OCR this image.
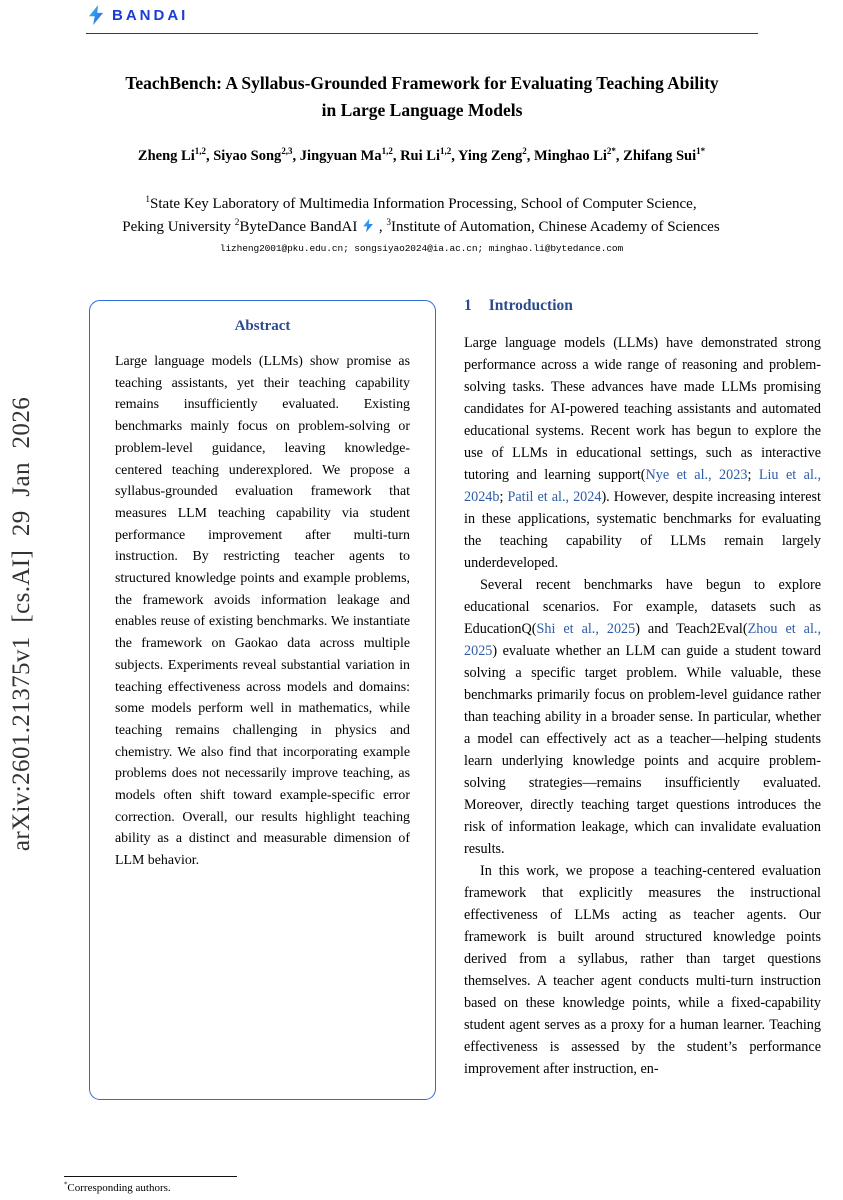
arXiv:2601.21375v1 [cs.AI] 29 Jan 2026
BANDAI
TeachBench: A Syllabus-Grounded Framework for Evaluating Teaching Ability in Large Language Models
Zheng Li$^{1,2}$, Siyao Song$^{2,3}$, Jingyuan Ma$^{1,2}$, Rui Li$^{1,2}$, Ying Zeng$^2$, Minghao $Li^{2*}$, Zhifang Sui$^{1*}$
$^1$State Key Laboratory of Multimedia Information Processing, School of Computer Science,
Peking University $^2$ByteDance BandAI  , $^3$Institute of Automation, Chinese Academy of Sciences
lizheng2001@pku.edu.cn; songsiyao2024@ia.ac.cn; minghao.li@bytedance.com
Abstract
Large language models (LLMs) show promise as teaching assistants, yet their teaching capability remains insufficiently evaluated. Existing benchmarks mainly focus on problem-solving or problem-level guidance, leaving knowledge-centered teaching underexplored. We propose a syllabus-grounded evaluation framework that measures LLM teaching capability via student performance improvement after multi-turn instruction. By restricting teacher agents to structured knowledge points and example problems, the framework avoids information leakage and enables reuse of existing benchmarks. We instantiate the framework on Gaokao data across multiple subjects. Experiments reveal substantial variation in teaching effectiveness across models and domains: some models perform well in mathematics, while teaching remains challenging in physics and chemistry. We also find that incorporating example problems does not necessarily improve teaching, as models often shift toward example-specific error correction. Overall, our results highlight teaching ability as a distinct and measurable dimension of LLM behavior.
1 Introduction

Large language models (LLMs) have demonstrated strong performance across a wide range of reasoning and problem-solving tasks. These advances have made LLMs promising candidates for AI-powered teaching assistants and automated educational systems. Recent work has begun to explore the use of LLMs in educational settings, such as interactive tutoring and learning support(Nye et al., 2023; Liu et al., 2024b; Patil et al., 2024). However, despite increasing interest in these applications, systematic benchmarks for evaluating the teaching capability of LLMs remain largely underdeveloped.

Several recent benchmarks have begun to explore educational scenarios. For example, datasets such as EducationQ(Shi et al., 2025) and Teach2Eval(Zhou et al., 2025) evaluate whether an LLM can guide a student toward solving a specific target problem. While valuable, these benchmarks primarily focus on problem-level guidance rather than teaching ability in a broader sense. In particular, whether a model can effectively act as a teacher—helping students learn underlying knowledge points and acquire problem-solving strategies—remains insufficiently evaluated. Moreover, directly teaching target questions introduces the risk of information leakage, which can invalidate evaluation results.

In this work, we propose a teaching-centered evaluation framework that explicitly measures the instructional effectiveness of LLMs acting as teacher agents. Our framework is built around structured knowledge points derived from a syllabus, rather than target questions themselves. A teacher agent conducts multi-turn instruction based on these knowledge points, while a fixed-capability student agent serves as a proxy for a human learner. Teaching effectiveness is assessed by the student’s performance improvement after instruction, en-

*Corresponding authors.
